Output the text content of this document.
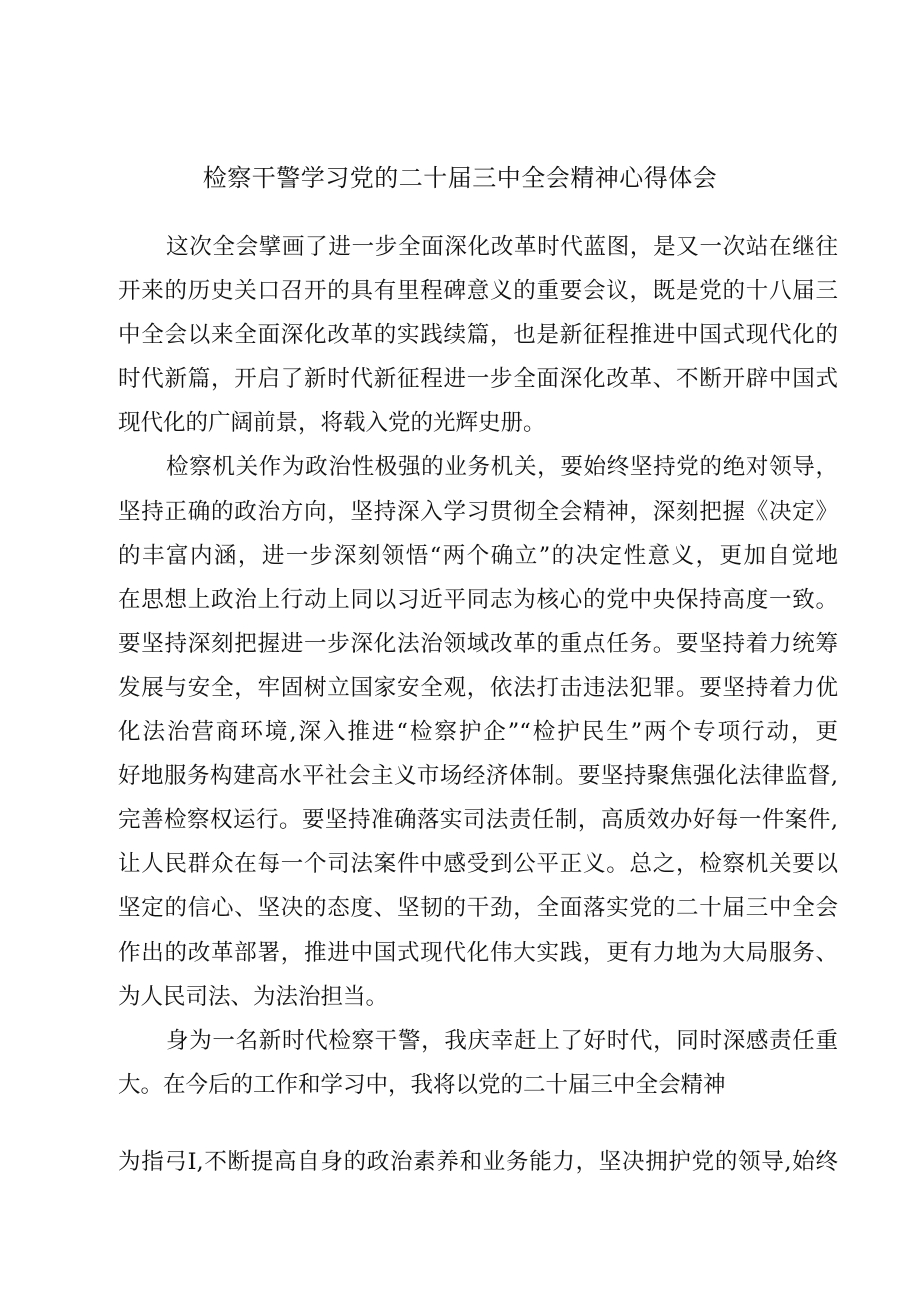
检察干警学习党的二十届三中全会精神心得体会
这次全会擘画了进一步全面深化改革时代蓝图，是又一次站在继往
开来的历史关口召开的具有里程碑意义的重要会议，既是党的十八届三
中全会以来全面深化改革的实践续篇，也是新征程推进中国式现代化的
时代新篇，开启了新时代新征程进一步全面深化改革、不断开辟中国式
现代化的广阔前景，将载入党的光辉史册。
检察机关作为政治性极强的业务机关，要始终坚持党的绝对领导，
坚持正确的政治方向，坚持深入学习贯彻全会精神，深刻把握《决定》
的丰富内涵，进一步深刻领悟“两个确立”的决定性意义，更加自觉地
在思想上政治上行动上同以习近平同志为核心的党中央保持高度一致。
要坚持深刻把握进一步深化法治领域改革的重点任务。要坚持着力统筹
发展与安全，牢固树立国家安全观，依法打击违法犯罪。要坚持着力优
化法治营商环境,深入推进“检察护企”“检护民生”两个专项行动，更
好地服务构建高水平社会主义市场经济体制。要坚持聚焦强化法律监督,
完善检察权运行。要坚持准确落实司法责任制，高质效办好每一件案件,
让人民群众在每一个司法案件中感受到公平正义。总之，检察机关要以
坚定的信心、坚决的态度、坚韧的干劲，全面落实党的二十届三中全会
作出的改革部署，推进中国式现代化伟大实践，更有力地为大局服务、
为人民司法、为法治担当。
身为一名新时代检察干警，我庆幸赶上了好时代，同时深感责任重
大。在今后的工作和学习中，我将以党的二十届三中全会精神
为指弓I,不断提高自身的政治素养和业务能力，坚决拥护党的领导,始终
